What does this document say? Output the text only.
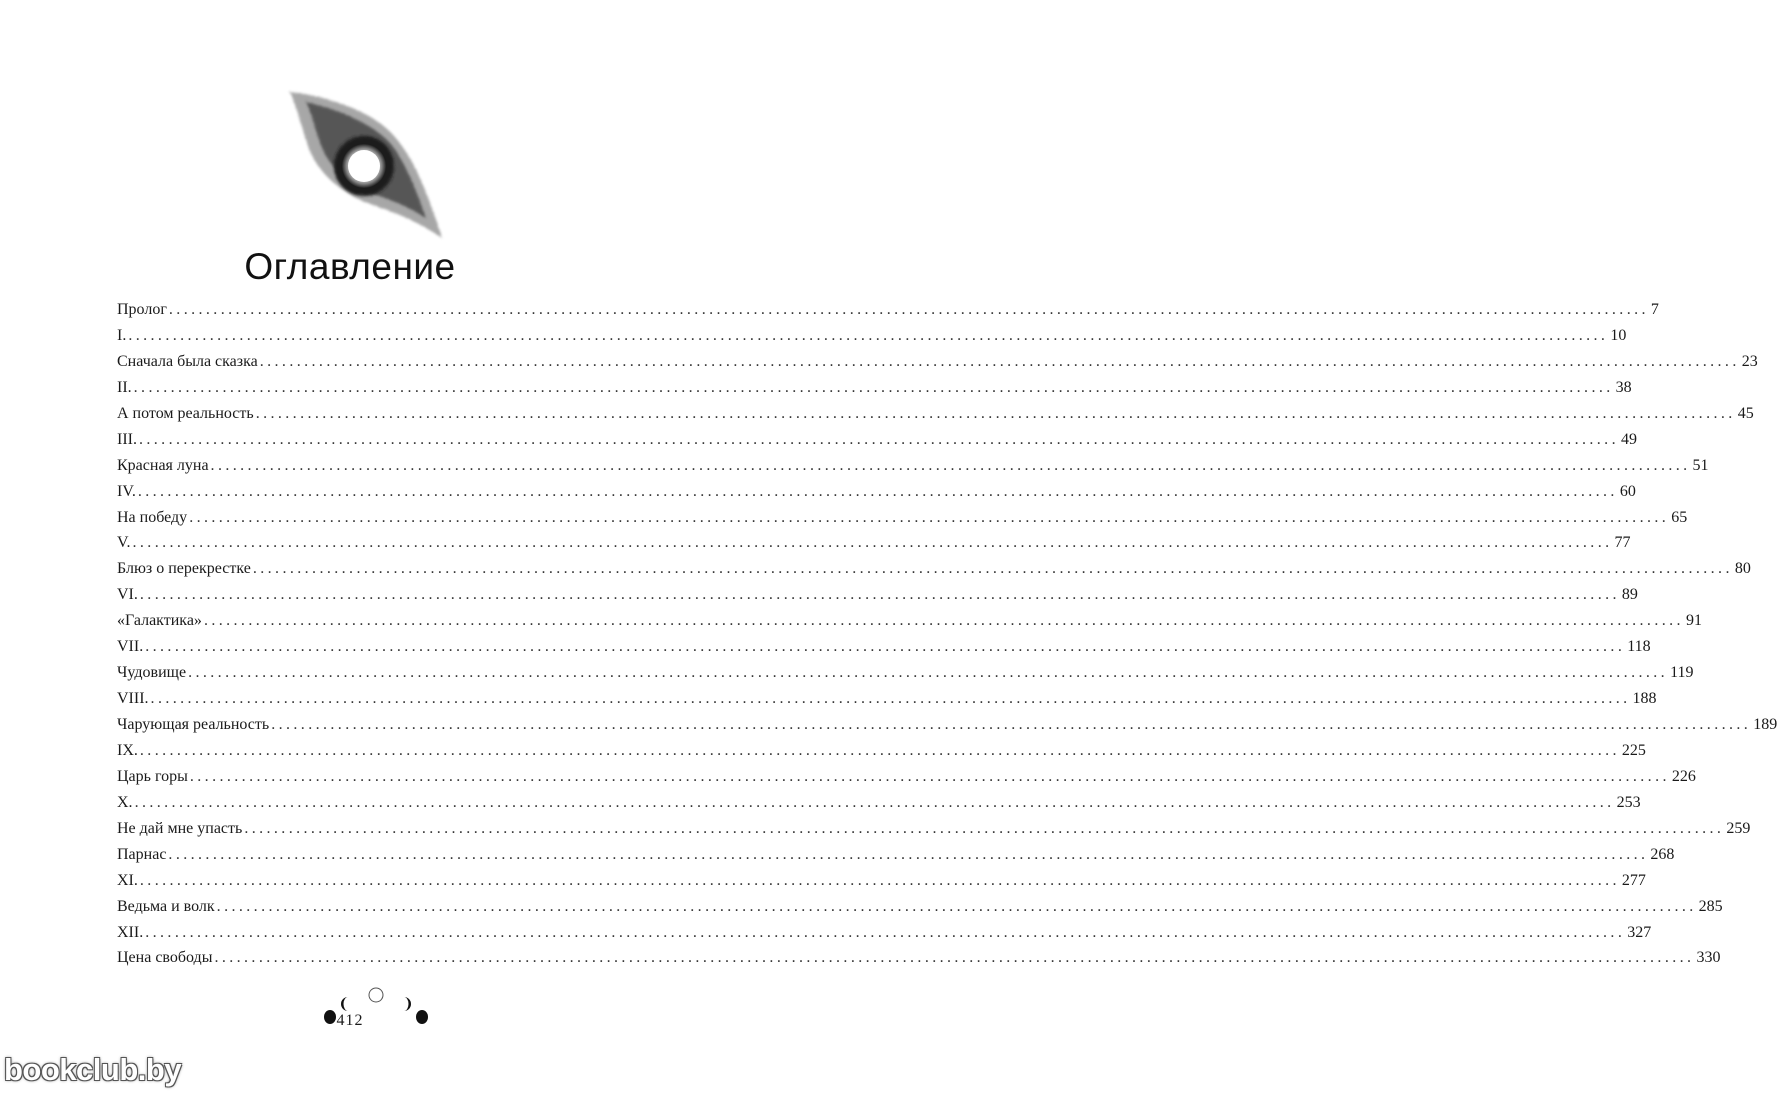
Оглавление
Пролог ........................................................................................................................................................................................................ 7
I. ........................................................................................................................................................................................................ 10
Сначала была сказка ........................................................................................................................................................................................................ 23
II. ........................................................................................................................................................................................................ 38
А потом реальность ........................................................................................................................................................................................................ 45
III. ........................................................................................................................................................................................................ 49
Красная луна ........................................................................................................................................................................................................ 51
IV. ........................................................................................................................................................................................................ 60
На победу ........................................................................................................................................................................................................ 65
V. ........................................................................................................................................................................................................ 77
Блюз о перекрестке ........................................................................................................................................................................................................ 80
VI. ........................................................................................................................................................................................................ 89
«Галактика» ........................................................................................................................................................................................................ 91
VII. ........................................................................................................................................................................................................ 118
Чудовище ........................................................................................................................................................................................................ 119
VIII. ........................................................................................................................................................................................................ 188
Чарующая реальность ........................................................................................................................................................................................................ 189
IX. ........................................................................................................................................................................................................ 225
Царь горы ........................................................................................................................................................................................................ 226
X. ........................................................................................................................................................................................................ 253
Не дай мне упасть ........................................................................................................................................................................................................ 259
Парнас ........................................................................................................................................................................................................ 268
XI. ........................................................................................................................................................................................................ 277
Ведьма и волк ........................................................................................................................................................................................................ 285
XII. ........................................................................................................................................................................................................ 327
Цена свободы ........................................................................................................................................................................................................ 330
412
bookclub.by
